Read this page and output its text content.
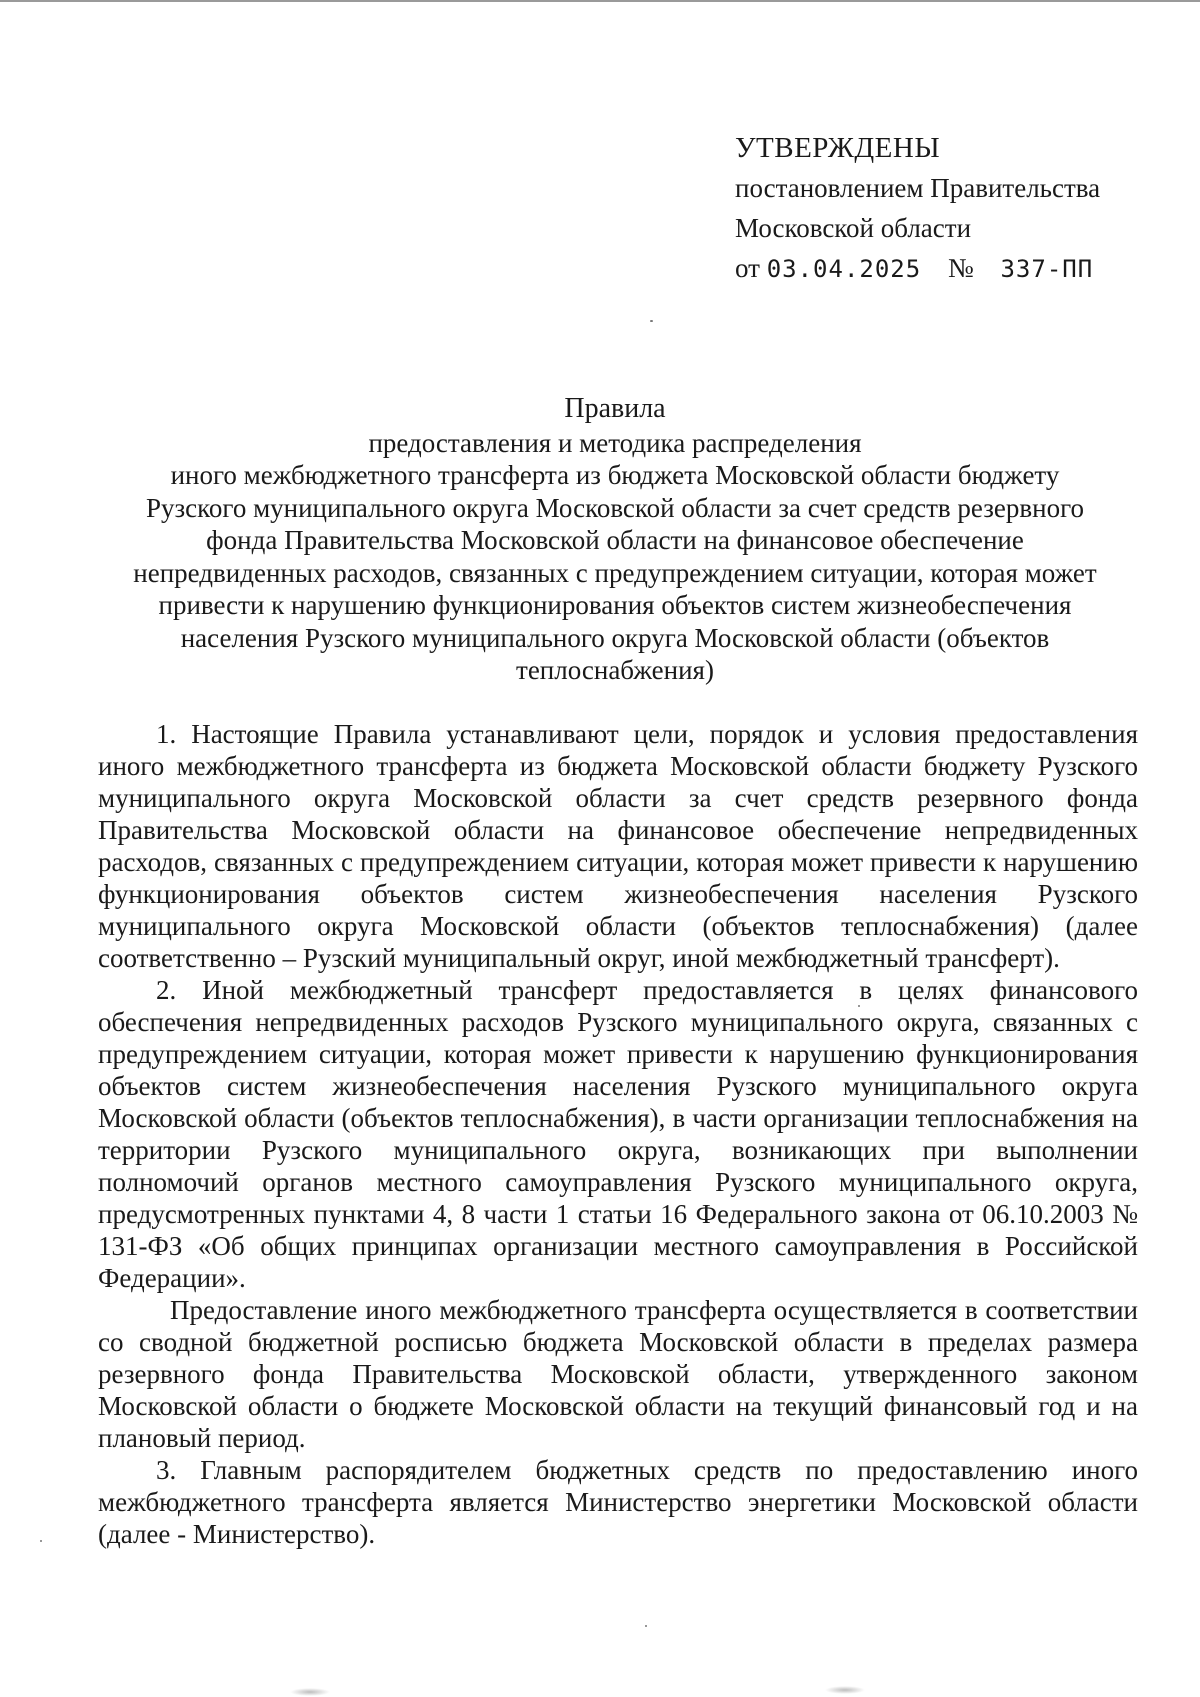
УТВЕРЖДЕНЫ
постановлением Правительства
Московской области
от 03.04.2025 № 337-ПП
Правила
предоставления и методика распределения
иного межбюджетного трансферта из бюджета Московской области бюджету
Рузского муниципального округа Московской области за счет средств резервного
фонда Правительства Московской области на финансовое обеспечение
непредвиденных расходов, связанных с предупреждением ситуации, которая может
привести к нарушению функционирования объектов систем жизнеобеспечения
населения Рузского муниципального округа Московской области (объектов
теплоснабжения)

1. Настоящие Правила устанавливают цели, порядок и условия предоставления иного межбюджетного трансферта из бюджета Московской области бюджету Рузского муниципального округа Московской области за счет средств резервного фонда Правительства Московской области на финансовое обеспечение непредвиденных расходов, связанных с предупреждением ситуации, которая может привести к нарушению функционирования объектов систем жизнеобеспечения населения Рузского муниципального округа Московской области (объектов теплоснабжения) (далее соответственно – Рузский муниципальный округ, иной межбюджетный трансферт).

2. Иной межбюджетный трансферт предоставляется в целях финансового обеспечения непредвиденных расходов Рузского муниципального округа, связанных с предупреждением ситуации, которая может привести к нарушению функционирования объектов систем жизнеобеспечения населения Рузского муниципального округа Московской области (объектов теплоснабжения), в части организации теплоснабжения на территории Рузского муниципального округа, возникающих при выполнении полномочий органов местного самоуправления Рузского муниципального округа, предусмотренных пунктами 4, 8 части 1 статьи 16 Федерального закона от 06.10.2003 № 131-ФЗ «Об общих принципах организации местного самоуправления в Российской Федерации».

Предоставление иного межбюджетного трансферта осуществляется в соответствии со сводной бюджетной росписью бюджета Московской области в пределах размера резервного фонда Правительства Московской области, утвержденного законом Московской области о бюджете Московской области на текущий финансовый год и на плановый период.

3. Главным распорядителем бюджетных средств по предоставлению иного межбюджетного трансферта является Министерство энергетики Московской области (далее - Министерство).
